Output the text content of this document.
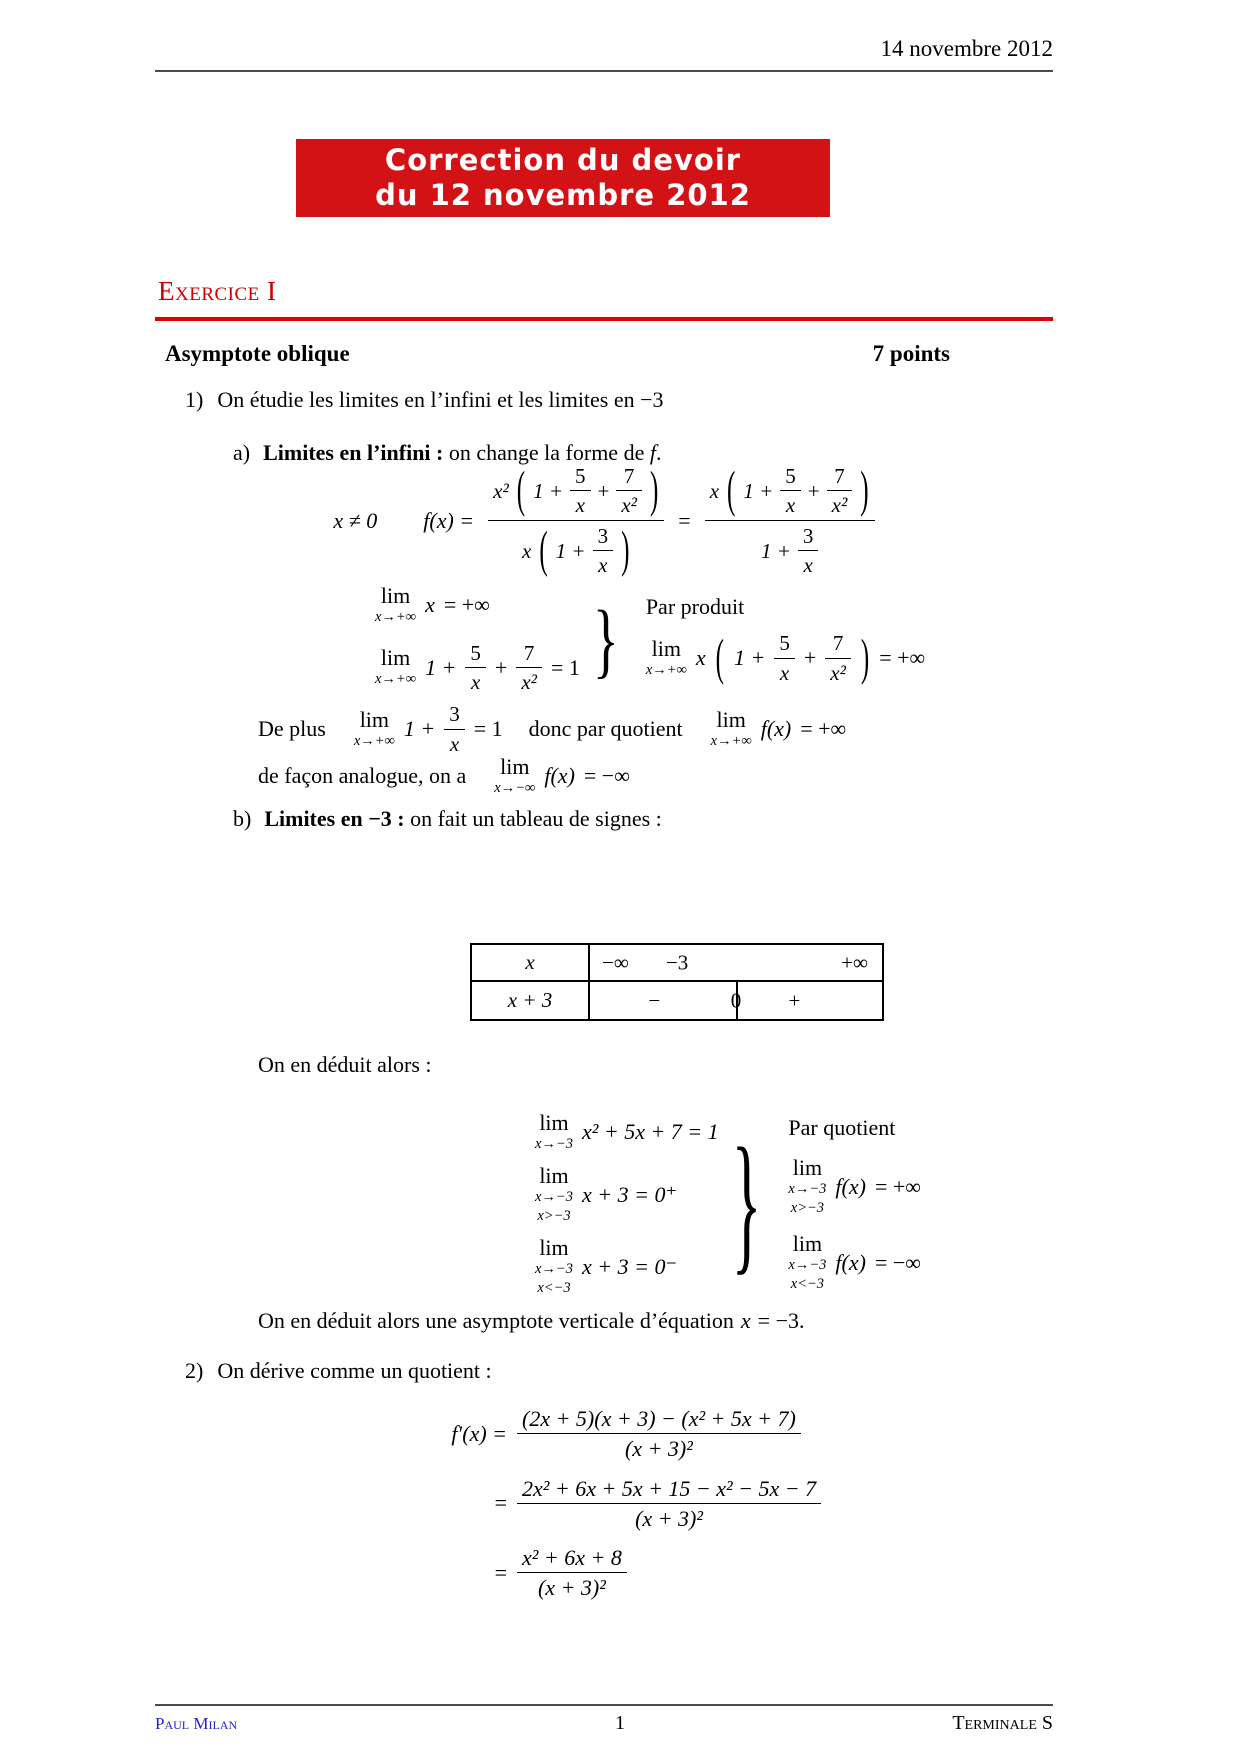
14 novembre 2012
Correction du devoir
du 12 novembre 2012
Exercice I
Asymptote oblique	7 points
1) On étudie les limites en l’infini et les limites en −3
a) Limites en l’infini : on change la forme de f.
x ≠ 0 f(x) =
x² ( $1 + \frac{5}{x} + \frac{7}{\text{x²}}$ )
x ( $1 + \frac{3}{x}$ )
=
x ( $1 + \frac{5}{x} + \frac{7}{\text{x²}}$ )
$1 + \frac{3}{x}$
lim
x→+∞ x = +∞
lim
x→+∞ $1 + \frac{5}{x} + \frac{7}{\text{x²}} = 1$ } Par produit
lim
x→+∞ x ( $1 + \frac{5}{x} + \frac{7}{\text{x²}}$ ) = +∞
De plus lim
x→+∞ $1 + \frac{3}{x} = 1$ donc par quotient lim
x→+∞ f(x) = +∞
de façon analogue, on a lim
x→−∞ f(x) = −∞
b) Limites en −3 : on fait un tableau de signes :
x	−∞ −3	+∞
x + 3	−	0 +
On en déduit alors :
lim
x→−3 x² + 5x + 7 = 1
lim
x→−3
x>−3
x + 3 = 0⁺
lim
x→−3
x<−3
x + 3 = 0⁻ } Par quotient
lim
x→−3
x>−3
f(x) = +∞
lim
x→−3
x<−3
f(x) = −∞
On en déduit alors une asymptote verticale d’équation x = −3.
2) On dérive comme un quotient :
$f'(x) = \frac{\text{(2x + 5)(x + 3) − (x² + 5x + 7)}}{\text{(x + 3)²}}$
= $\frac{\text{2x² + 6x + 5x + 15 − x² − 5x − 7}}{\text{(x + 3)²}}$
= $\frac{\text{x² + 6x + 8}}{\text{(x + 3)²}}$
Paul Milan	1	Terminale S
